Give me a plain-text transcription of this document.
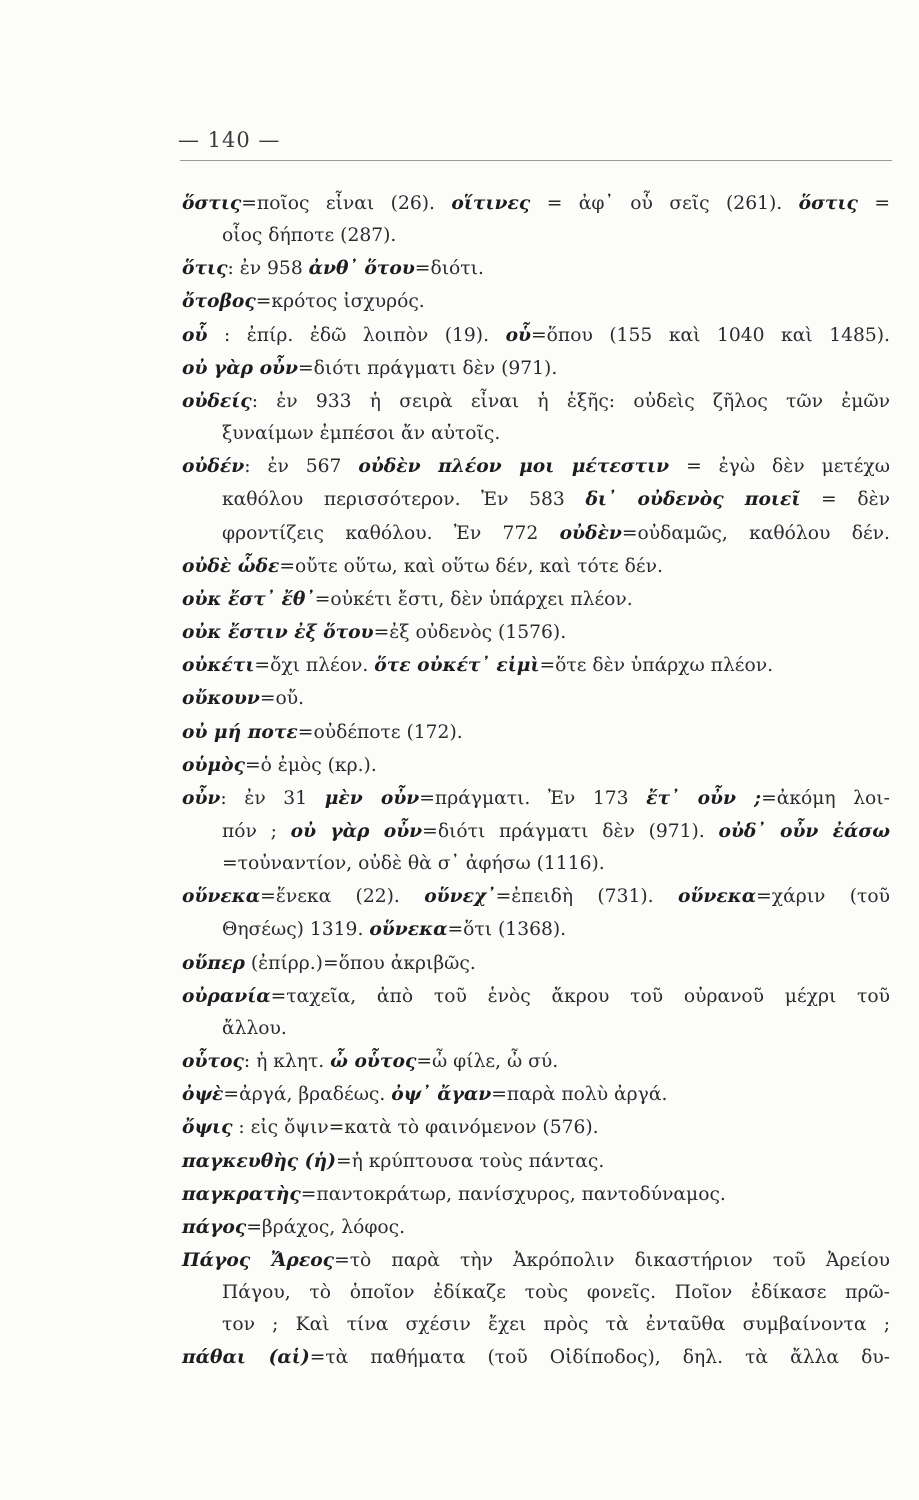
— 140 —
ὅστις=ποῖος εἶναι (26). οἵτινες = ἀφ᾽ οὗ σεῖς (261). ὅστις =
οἷος δήποτε (287).
ὅτις: ἐν 958 ἀνθ᾽ ὅτου=διότι.
ὄτοβος=κρότος ἰσχυρός.
οὗ : ἐπίρ. ἐδῶ λοιπὸν (19). οὗ=ὅπου (155 καὶ 1040 καὶ 1485).
οὐ γὰρ οὖν=διότι πράγματι δὲν (971).
οὐδείς: ἐν 933 ἡ σειρὰ εἶναι ἡ ἑξῆς: οὐδεὶς ζῆλος τῶν ἐμῶν
ξυναίμων ἐμπέσοι ἄν αὐτοῖς.
οὐδέν: ἐν 567 οὐδὲν πλέον μοι μέτεστιν = ἐγὼ δὲν μετέχω
καθόλου περισσότερον. Ἐν 583 δι᾽ οὐδενὸς ποιεῖ = δὲν
φροντίζεις καθόλου. Ἐν 772 οὐδὲν=οὐδαμῶς, καθόλου δέν.
οὐδὲ ὧδε=οὔτε οὕτω, καὶ οὕτω δέν, καὶ τότε δέν.
οὐκ ἔστ᾽ ἔθ᾽=οὐκέτι ἔστι, δὲν ὑπάρχει πλέον.
οὐκ ἔστιν ἐξ ὅτου=ἐξ οὐδενὸς (1576).
οὐκέτι=ὄχι πλέον. ὅτε οὐκέτ᾽ εἰμὶ=ὅτε δὲν ὑπάρχω πλέον.
οὔκουν=οὔ.
οὐ μή ποτε=οὐδέποτε (172).
οὑμὸς=ὁ ἐμὸς (κρ.).
οὖν: ἐν 31 μὲν οὖν=πράγματι. Ἐν 173 ἔτ᾽ οὖν ;=ἀκόμη λοι-
πόν ; οὐ γὰρ οὖν=διότι πράγματι δὲν (971). οὐδ᾽ οὖν ἐάσω
=τοὐναντίον, οὐδὲ θὰ σ᾽ ἀφήσω (1116).
οὕνεκα=ἕνεκα (22). οὕνεχ᾽=ἐπειδὴ (731). οὕνεκα=χάριν (τοῦ
Θησέως) 1319. οὕνεκα=ὅτι (1368).
οὕπερ (ἐπίρρ.)=ὅπου ἀκριβῶς.
οὐρανία=ταχεῖα, ἀπὸ τοῦ ἑνὸς ἄκρου τοῦ οὐρανοῦ μέχρι τοῦ
ἄλλου.
οὗτος: ἡ κλητ. ὦ οὗτος=ὦ φίλε, ὦ σύ.
ὀψὲ=ἀργά, βραδέως. ὀψ᾽ ἄγαν=παρὰ πολὺ ἀργά.
ὄψις : εἰς ὄψιν=κατὰ τὸ φαινόμενον (576).
παγκευθὴς (ἡ)=ἡ κρύπτουσα τοὺς πάντας.
παγκρατὴς=παντοκράτωρ, πανίσχυρος, παντοδύναμος.
πάγος=βράχος, λόφος.
Πάγος Ἄρεος=τὸ παρὰ τὴν Ἀκρόπολιν δικαστήριον τοῦ Ἀρείου
Πάγου, τὸ ὁποῖον ἐδίκαζε τοὺς φονεῖς. Ποῖον ἐδίκασε πρῶ-
τον ; Καὶ τίνα σχέσιν ἔχει πρὸς τὰ ἐνταῦθα συμβαίνοντα ;
πάθαι (αἱ)=τὰ παθήματα (τοῦ Οἰδίποδος), δηλ. τὰ ἄλλα δυ-
